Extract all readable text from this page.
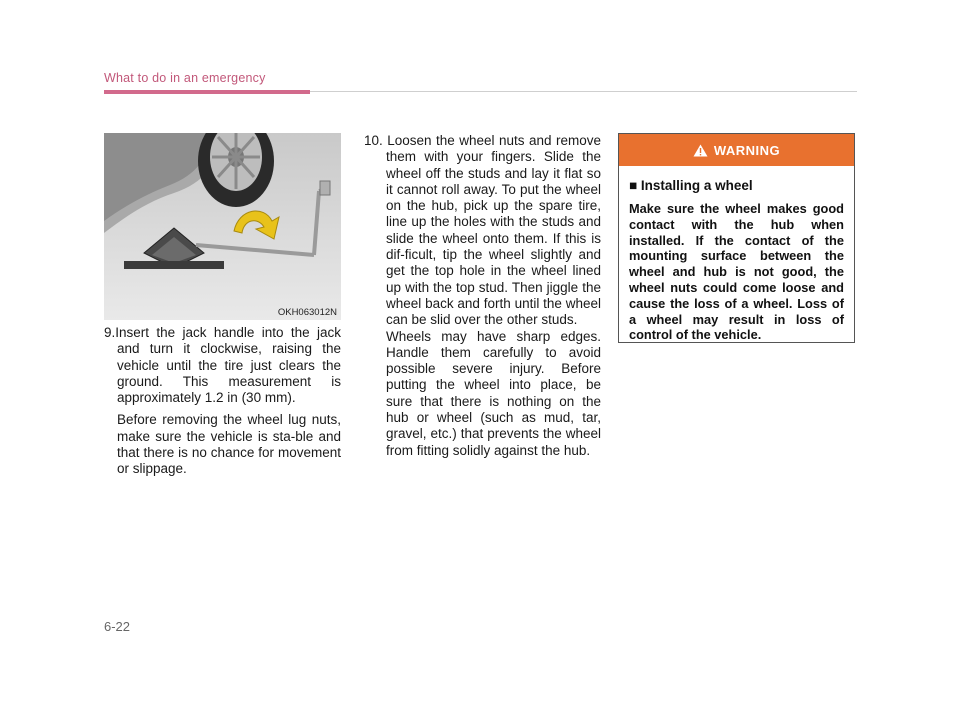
What to do in an emergency
OKH063012N

9.Insert the jack handle into the jack and turn it clockwise, raising the vehicle until the tire just clears the ground. This measurement is approximately 1.2 in (30 mm).

Before removing the wheel lug nuts, make sure the vehicle is sta-ble and that there is no chance for movement or slippage.

10. Loosen the wheel nuts and remove them with your fingers. Slide the wheel off the studs and lay it flat so it cannot roll away. To put the wheel on the hub, pick up the spare tire, line up the holes with the studs and slide the wheel onto them. If this is dif-ficult, tip the wheel slightly and get the top hole in the wheel lined up with the top stud. Then jiggle the wheel back and forth until the wheel can be slid over the other studs.

Wheels may have sharp edges. Handle them carefully to avoid possible severe injury. Before putting the wheel into place, be sure that there is nothing on the hub or wheel (such as mud, tar, gravel, etc.) that prevents the wheel from fitting solidly against the hub.

WARNING
■ Installing a wheel
Make sure the wheel makes good contact with the hub when installed. If the contact of the mounting surface between the wheel and hub is not good, the wheel nuts could come loose and cause the loss of a wheel. Loss of a wheel may result in loss of control of the vehicle.
6-22
